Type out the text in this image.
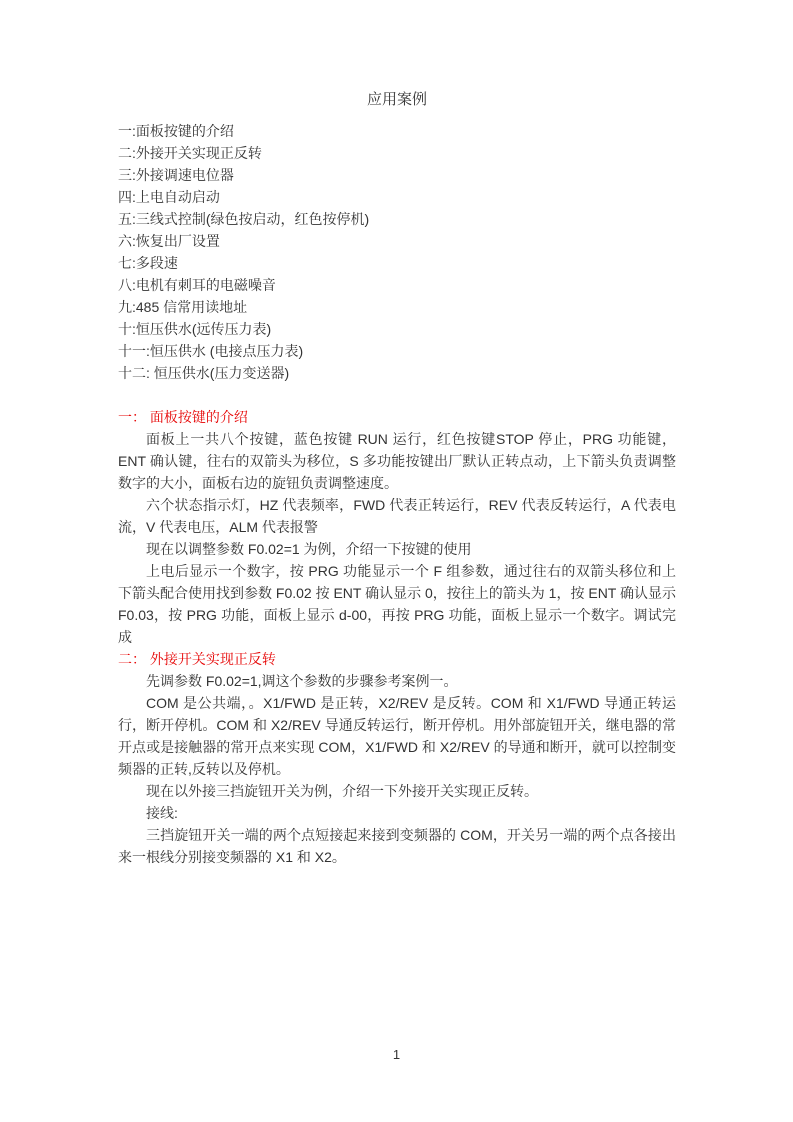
应用案例

一:面板按键的介绍

二:外接开关实现正反转

三:外接调速电位器

四:上电自动启动

五:三线式控制(绿色按启动，红色按停机)

六:恢复出厂设置

七:多段速

八:电机有刺耳的电磁噪音

九:485 信常用读地址

十:恒压供水(远传压力表)

十一:恒压供水 (电接点压力表)

十二: 恒压供水(压力变送器)

一： 面板按键的介绍

面板上一共八个按键，蓝色按键 RUN 运行，红色按键STOP 停止，PRG 功能键，ENT 确认键，往右的双箭头为移位，S 多功能按键出厂默认正转点动，上下箭头负责调整数字的大小，面板右边的旋钮负责调整速度。

六个状态指示灯，HZ 代表频率，FWD 代表正转运行，REV 代表反转运行，A 代表电流，V 代表电压，ALM 代表报警

现在以调整参数 F0.02=1 为例，介绍一下按键的使用

上电后显示一个数字，按 PRG 功能显示一个 F 组参数，通过往右的双箭头移位和上下箭头配合使用找到参数 F0.02 按 ENT 确认显示 0，按往上的箭头为 1，按 ENT 确认显示 F0.03，按 PRG 功能，面板上显示 d-00，再按 PRG 功能，面板上显示一个数字。调试完成

二： 外接开关实现正反转

先调参数 F0.02=1,调这个参数的步骤参考案例一。

COM 是公共端，。X1/FWD 是正转，X2/REV 是反转。COM 和 X1/FWD 导通正转运行，断开停机。COM 和 X2/REV 导通反转运行，断开停机。用外部旋钮开关，继电器的常开点或是接触器的常开点来实现 COM，X1/FWD 和 X2/REV 的导通和断开，就可以控制变频器的正转,反转以及停机。

现在以外接三挡旋钮开关为例，介绍一下外接开关实现正反转。

接线:

三挡旋钮开关一端的两个点短接起来接到变频器的 COM，开关另一端的两个点各接出来一根线分别接变频器的 X1 和 X2。

1
